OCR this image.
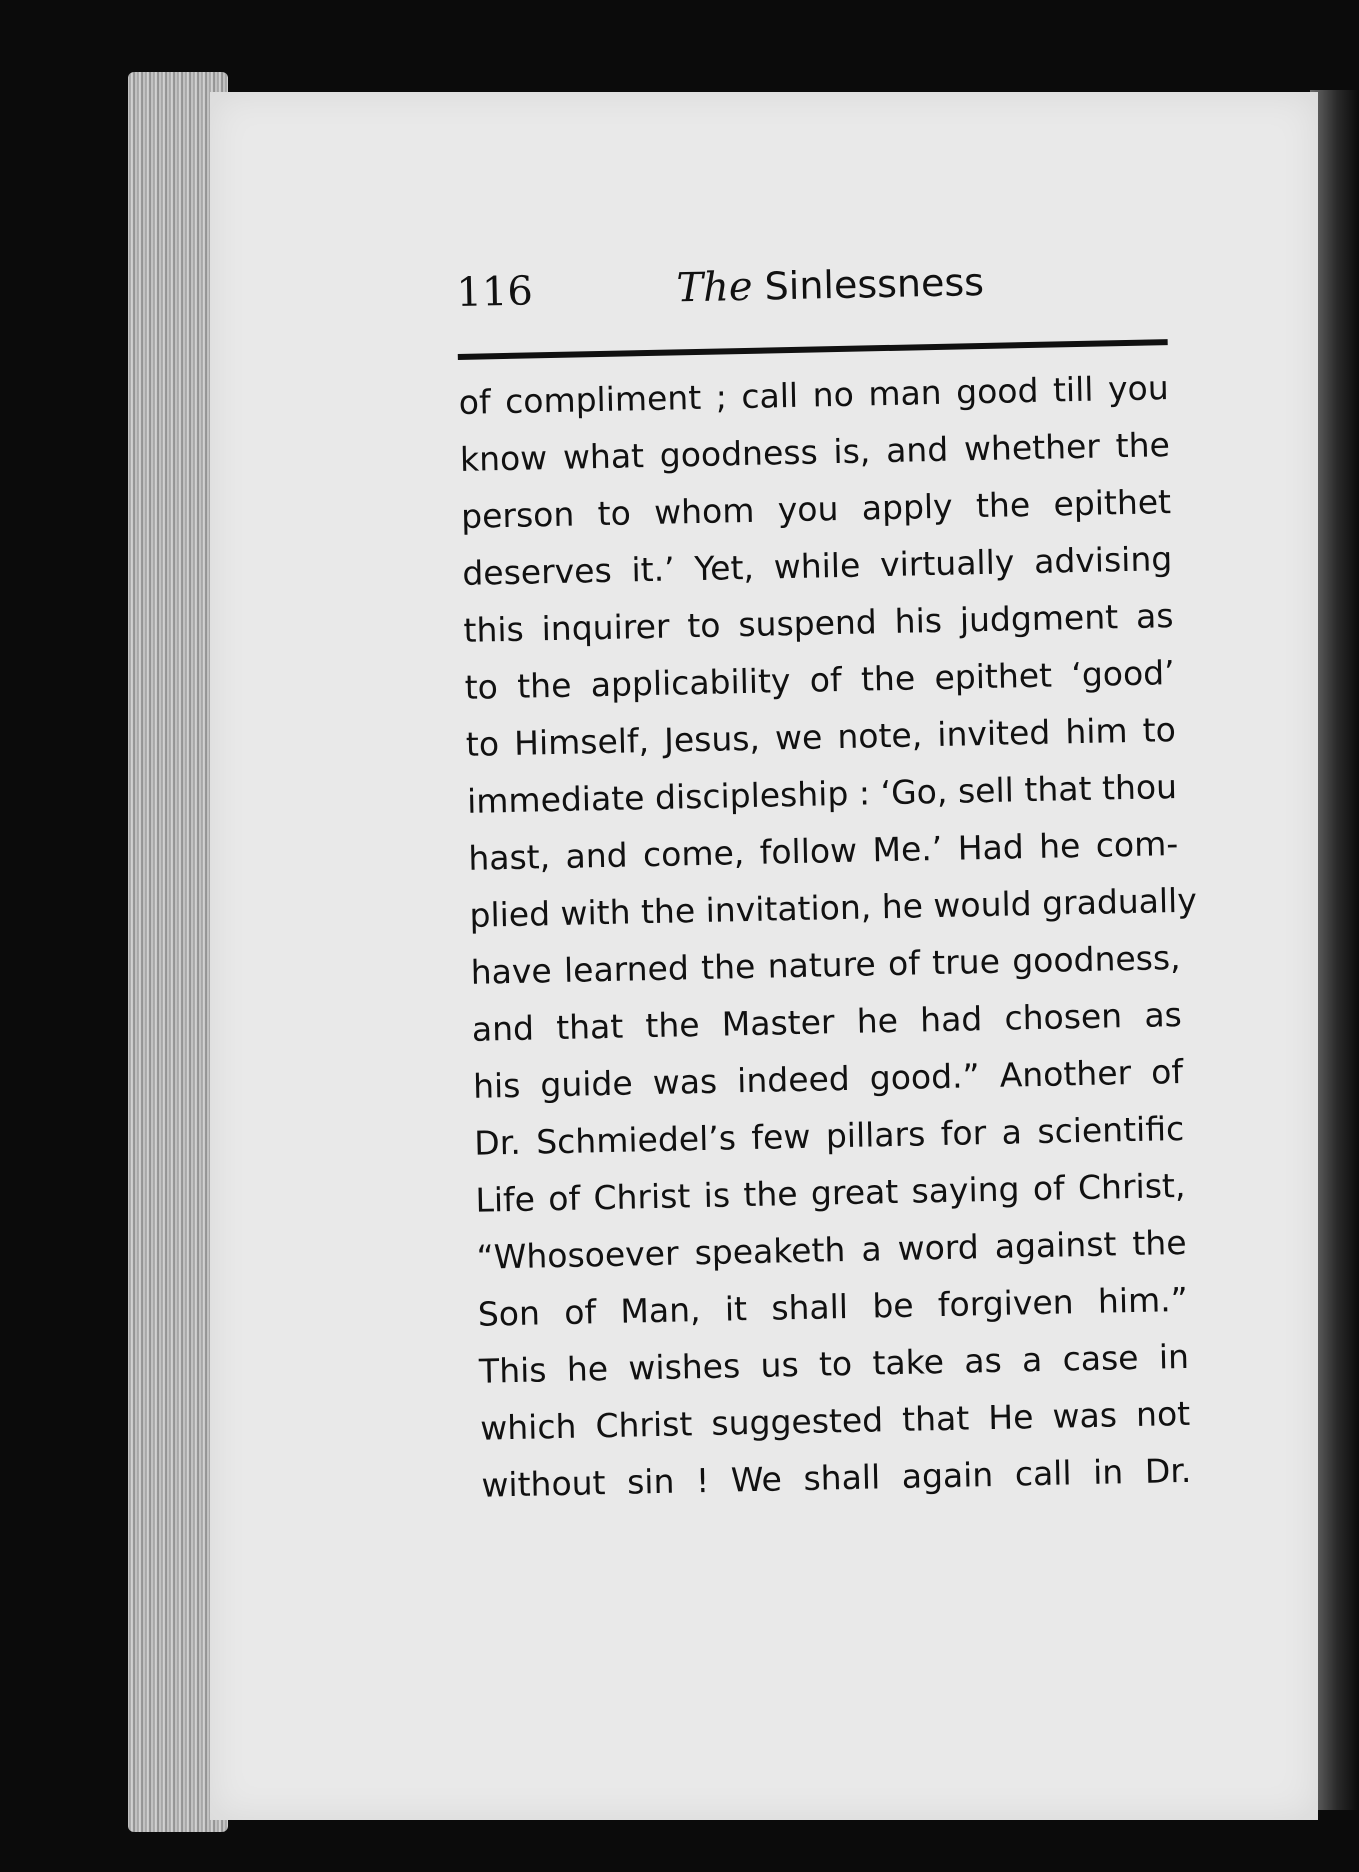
116	The Sinlessness
of compliment ; call no man good till you
know what goodness is, and whether the
person to whom you apply the epithet
deserves it.’ Yet, while virtually advising
this inquirer to suspend his judgment as
to the applicability of the epithet ‘good’
to Himself, Jesus, we note, invited him to
immediate discipleship : ‘Go, sell that thou
hast, and come, follow Me.’ Had he com-
plied with the invitation, he would gradually
have learned the nature of true goodness,
and that the Master he had chosen as
his guide was indeed good.” Another of
Dr. Schmiedel’s few pillars for a scientific
Life of Christ is the great saying of Christ,
“Whosoever speaketh a word against the
Son of Man, it shall be forgiven him.”
This he wishes us to take as a case in
which Christ suggested that He was not
without sin ! We shall again call in Dr.
